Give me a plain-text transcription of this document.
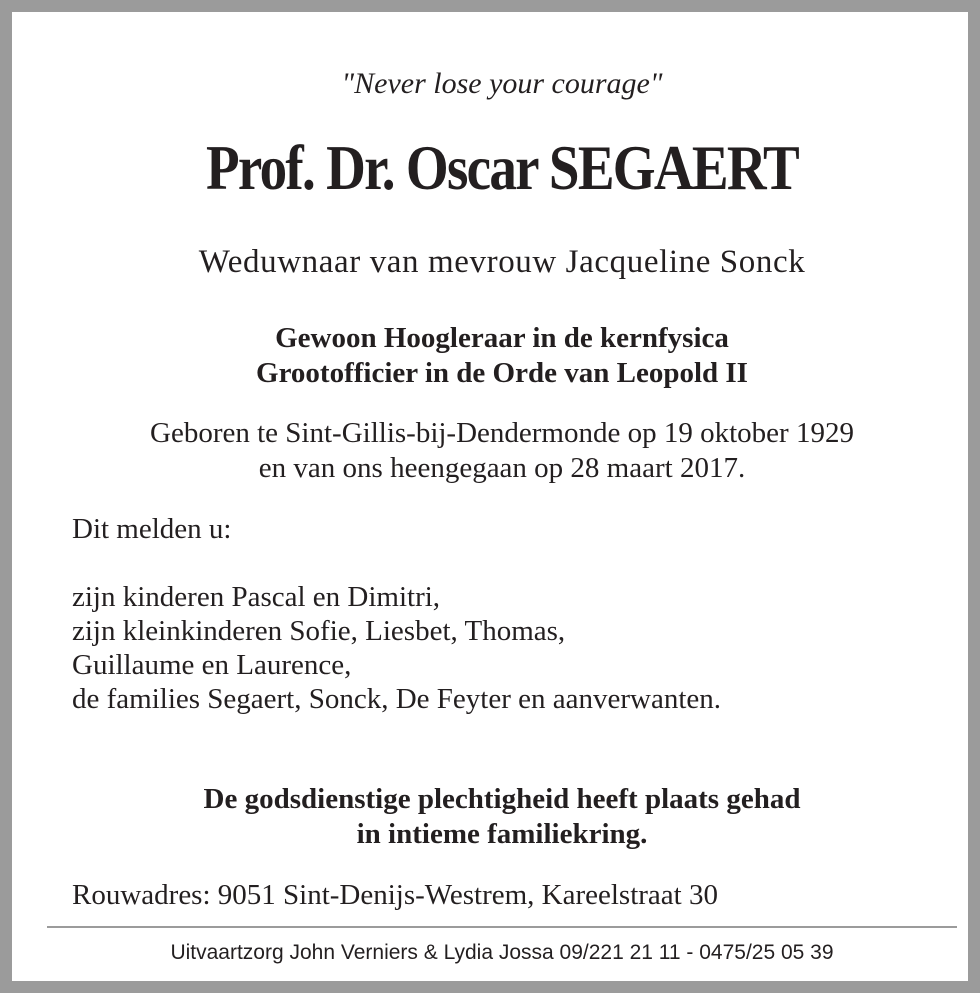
"Never lose your courage"
Prof. Dr. Oscar SEGAERT
Weduwnaar van mevrouw Jacqueline Sonck
Gewoon Hoogleraar in de kernfysica
Grootofficier in de Orde van Leopold II
Geboren te Sint-Gillis-bij-Dendermonde op 19 oktober 1929
en van ons heengegaan op 28 maart 2017.
Dit melden u:
zijn kinderen Pascal en Dimitri,
zijn kleinkinderen Sofie, Liesbet, Thomas,
Guillaume en Laurence,
de families Segaert, Sonck, De Feyter en aanverwanten.
De godsdienstige plechtigheid heeft plaats gehad
in intieme familiekring.
Rouwadres: 9051 Sint-Denijs-Westrem, Kareelstraat 30
Uitvaartzorg John Verniers & Lydia Jossa 09/221 21 11 - 0475/25 05 39
